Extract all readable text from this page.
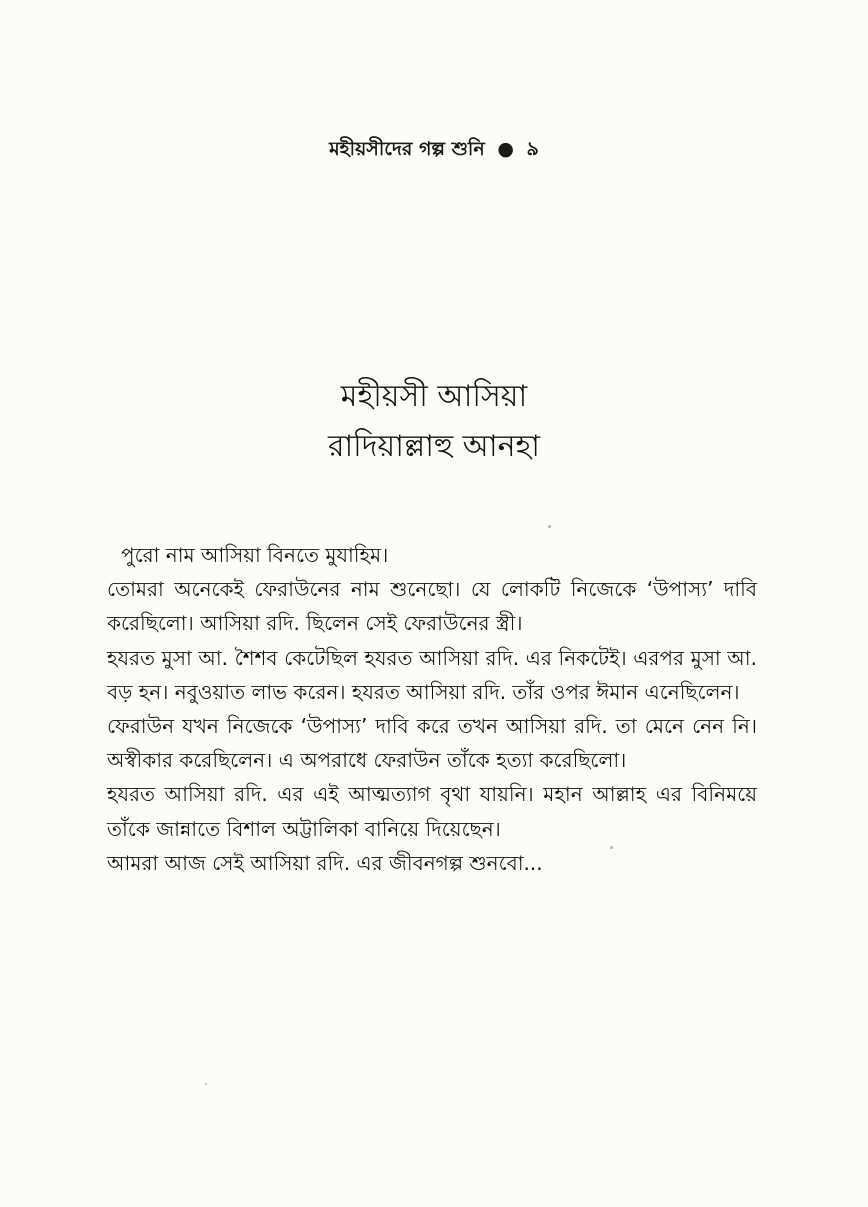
মহীয়সীদের গল্প শুনি ● ৯
মহীয়সী আসিয়া
রাদিয়াল্লাহু আনহা

পুরো নাম আসিয়া বিনতে মুযাহিম।

তোমরা অনেকেই ফেরাউনের নাম শুনেছো। যে লোকটি নিজেকে ‘উপাস্য’ দাবি করেছিলো। আসিয়া রদি. ছিলেন সেই ফেরাউনের স্ত্রী।

হযরত মুসা আ. শৈশব কেটেছিল হযরত আসিয়া রদি. এর নিকটেই। এরপর মুসা আ. বড় হন। নবুওয়াত লাভ করেন। হযরত আসিয়া রদি. তাঁর ওপর ঈমান এনেছিলেন।

ফেরাউন যখন নিজেকে ‘উপাস্য’ দাবি করে তখন আসিয়া রদি. তা মেনে নেন নি। অস্বীকার করেছিলেন। এ অপরাধে ফেরাউন তাঁকে হত্যা করেছিলো।

হযরত আসিয়া রদি. এর এই আত্মত্যাগ বৃথা যায়নি। মহান আল্লাহ এর বিনিময়ে তাঁকে জান্নাতে বিশাল অট্টালিকা বানিয়ে দিয়েছেন।

আমরা আজ সেই আসিয়া রদি. এর জীবনগল্প শুনবো...
